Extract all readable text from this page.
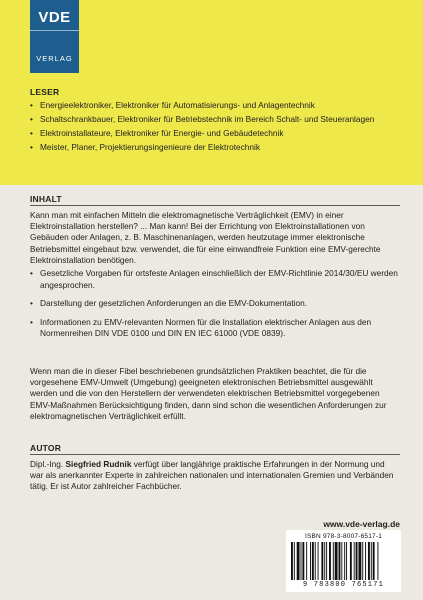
VDE
VERLAG
LESER
• Energieelektroniker, Elektroniker für Automatisierungs- und Anlagentechnik
• Schaltschrankbauer, Elektroniker für Betriebstechnik im Bereich Schalt- und Steueranlagen
• Elektroinstallateure, Elektroniker für Energie- und Gebäudetechnik
• Meister, Planer, Projektierungsingenieure der Elektrotechnik
INHALT
Kann man mit einfachen Mitteln die elektromagnetische Verträglichkeit (EMV) in einer Elektroinstallation herstellen? ... Man kann! Bei der Errichtung von Elektroinstallationen von Gebäuden oder Anlagen, z. B. Maschinenanlagen, werden heutzutage immer elektronische Betriebsmittel eingebaut bzw. verwendet, die für eine einwandfreie Funktion eine EMV-gerechte Elektroinstallation benötigen.
• Gesetzliche Vorgaben für ortsfeste Anlagen einschließlich der EMV-Richtlinie 2014/30/EU werden angesprochen.
• Darstellung der gesetzlichen Anforderungen an die EMV-Dokumentation.
• Informationen zu EMV-relevanten Normen für die Installation elektrischer Anlagen aus den Normenreihen DIN VDE 0100 und DIN EN IEC 61000 (VDE 0839).
Wenn man die in dieser Fibel beschriebenen grundsätzlichen Praktiken beachtet, die für die vorgesehene EMV-Umwelt (Umgebung) geeigneten elektronischen Betriebsmittel ausgewählt werden und die von den Herstellern der verwendeten elektrischen Betriebsmittel vorgegebenen EMV-Maßnahmen Berücksichtigung finden, dann sind schon die wesentlichen Anforderungen zur elektromagnetischen Verträglichkeit erfüllt.
AUTOR
Dipl.-Ing. Siegfried Rudnik verfügt über langjährige praktische Erfahrungen in der Normung und war als anerkannter Experte in zahlreichen nationalen und internationalen Gremien und Verbänden tätig. Er ist Autor zahlreicher Fachbücher.
www.vde-verlag.de
ISBN 978-3-8007-6517-1
9 783800 765171
